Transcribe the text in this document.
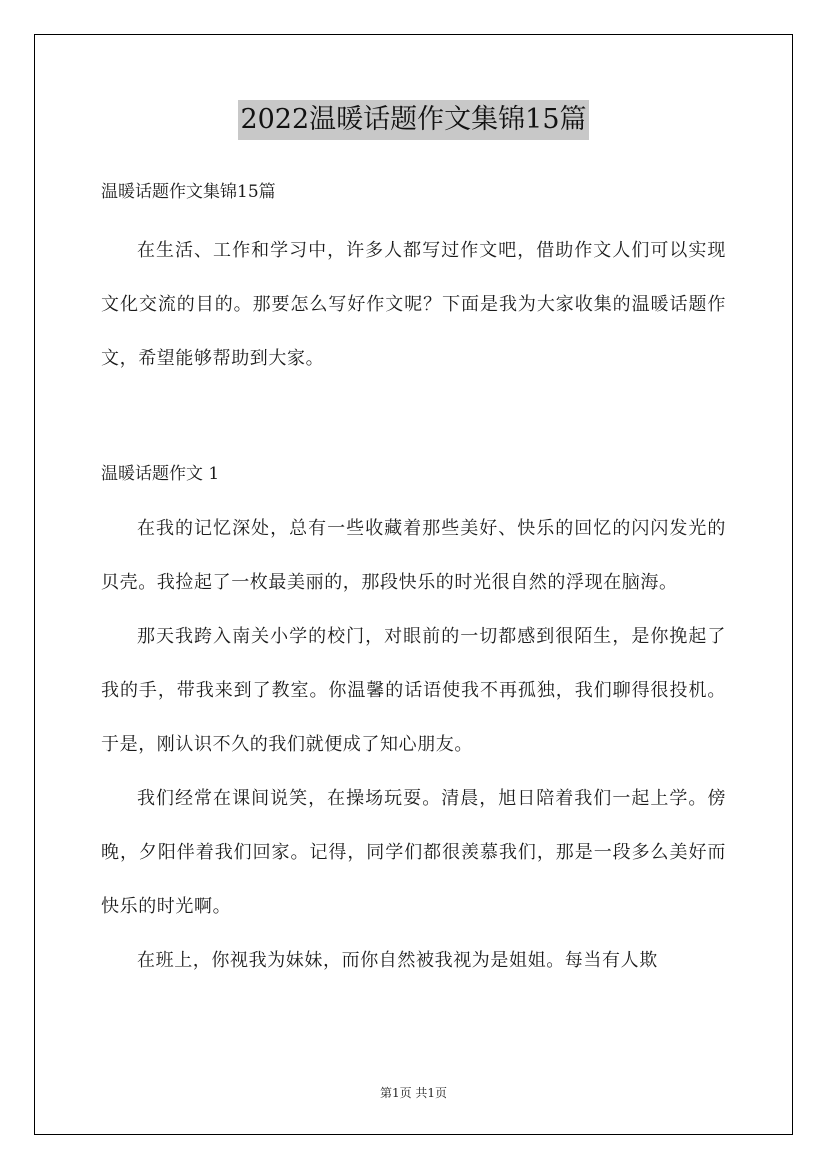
2022温暖话题作文集锦15篇

温暖话题作文集锦15篇

在生活、工作和学习中，许多人都写过作文吧，借助作文人们可以实现文化交流的目的。那要怎么写好作文呢？下面是我为大家收集的温暖话题作文，希望能够帮助到大家。

温暖话题作文 1

在我的记忆深处，总有一些收藏着那些美好、快乐的回忆的闪闪发光的贝壳。我捡起了一枚最美丽的，那段快乐的时光很自然的浮现在脑海。

那天我跨入南关小学的校门，对眼前的一切都感到很陌生，是你挽起了我的手，带我来到了教室。你温馨的话语使我不再孤独，我们聊得很投机。于是，刚认识不久的我们就便成了知心朋友。

我们经常在课间说笑，在操场玩耍。清晨，旭日陪着我们一起上学。傍晚，夕阳伴着我们回家。记得，同学们都很羡慕我们，那是一段多么美好而快乐的时光啊。

在班上，你视我为妹妹，而你自然被我视为是姐姐。每当有人欺

第1页 共1页
